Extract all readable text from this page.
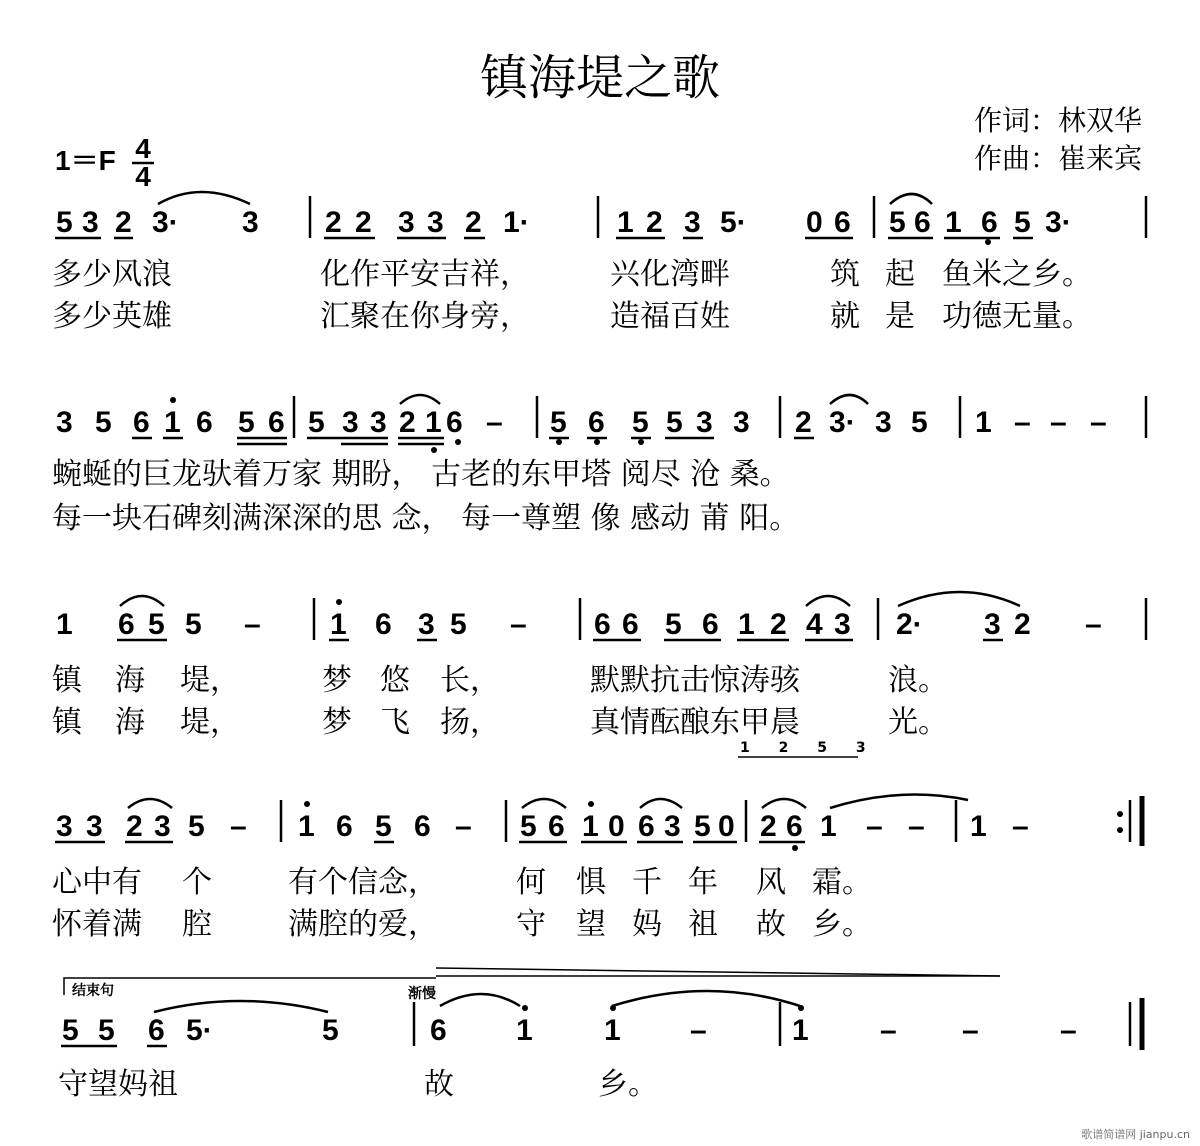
镇海堤之歌
作词：林双华
作曲：崔来宾
1＝F 4
4
5 3 2 3· 3 2 2 3 3 2 1·	1 2 3 5· 0 6 5 6 1 6 5 3·
多少风浪	化作平安吉祥，	兴化湾畔	筑 起 鱼米之乡。
多少英雄	汇聚在你身旁，	造福百姓	就 是 功德无量。
3 5 6 1 6 5 6 5 3 3 2 1 6 – 5 6 5 5 3 3 2 3· 3 5 1 – – –
蜿蜒的巨龙驮着万家 期盼， 古老的东甲塔 阅尽 沧 桑。
每一块石碑刻满深深的思 念， 每一尊塑 像 感动 莆 阳。
1 6 5 5 – 1 6 3 5 – 6 6 5 6 1 2 4 3 2· 3 2 –
镇 海 堤，	梦 悠 长，	默默抗击惊涛骇	浪。
镇 海 堤，	梦 飞 扬，	真情酝酿东甲晨	光。
1 2 5 3
3 3 2 3 5 – 1 6 5 6 – 5 6 1 0 6 3 5 0 2 6 1 – – 1 –
心中有 个	有个信念，	何 惧 千 年 风 霜。
怀着满 腔	满腔的爱，	守 望 妈 祖 故 乡。
结束句	渐慢
5 5 6 5·	5	6 1 1 –	1 – –	–
守望妈祖	故	乡。
歌谱简谱网 jianpu.cn
